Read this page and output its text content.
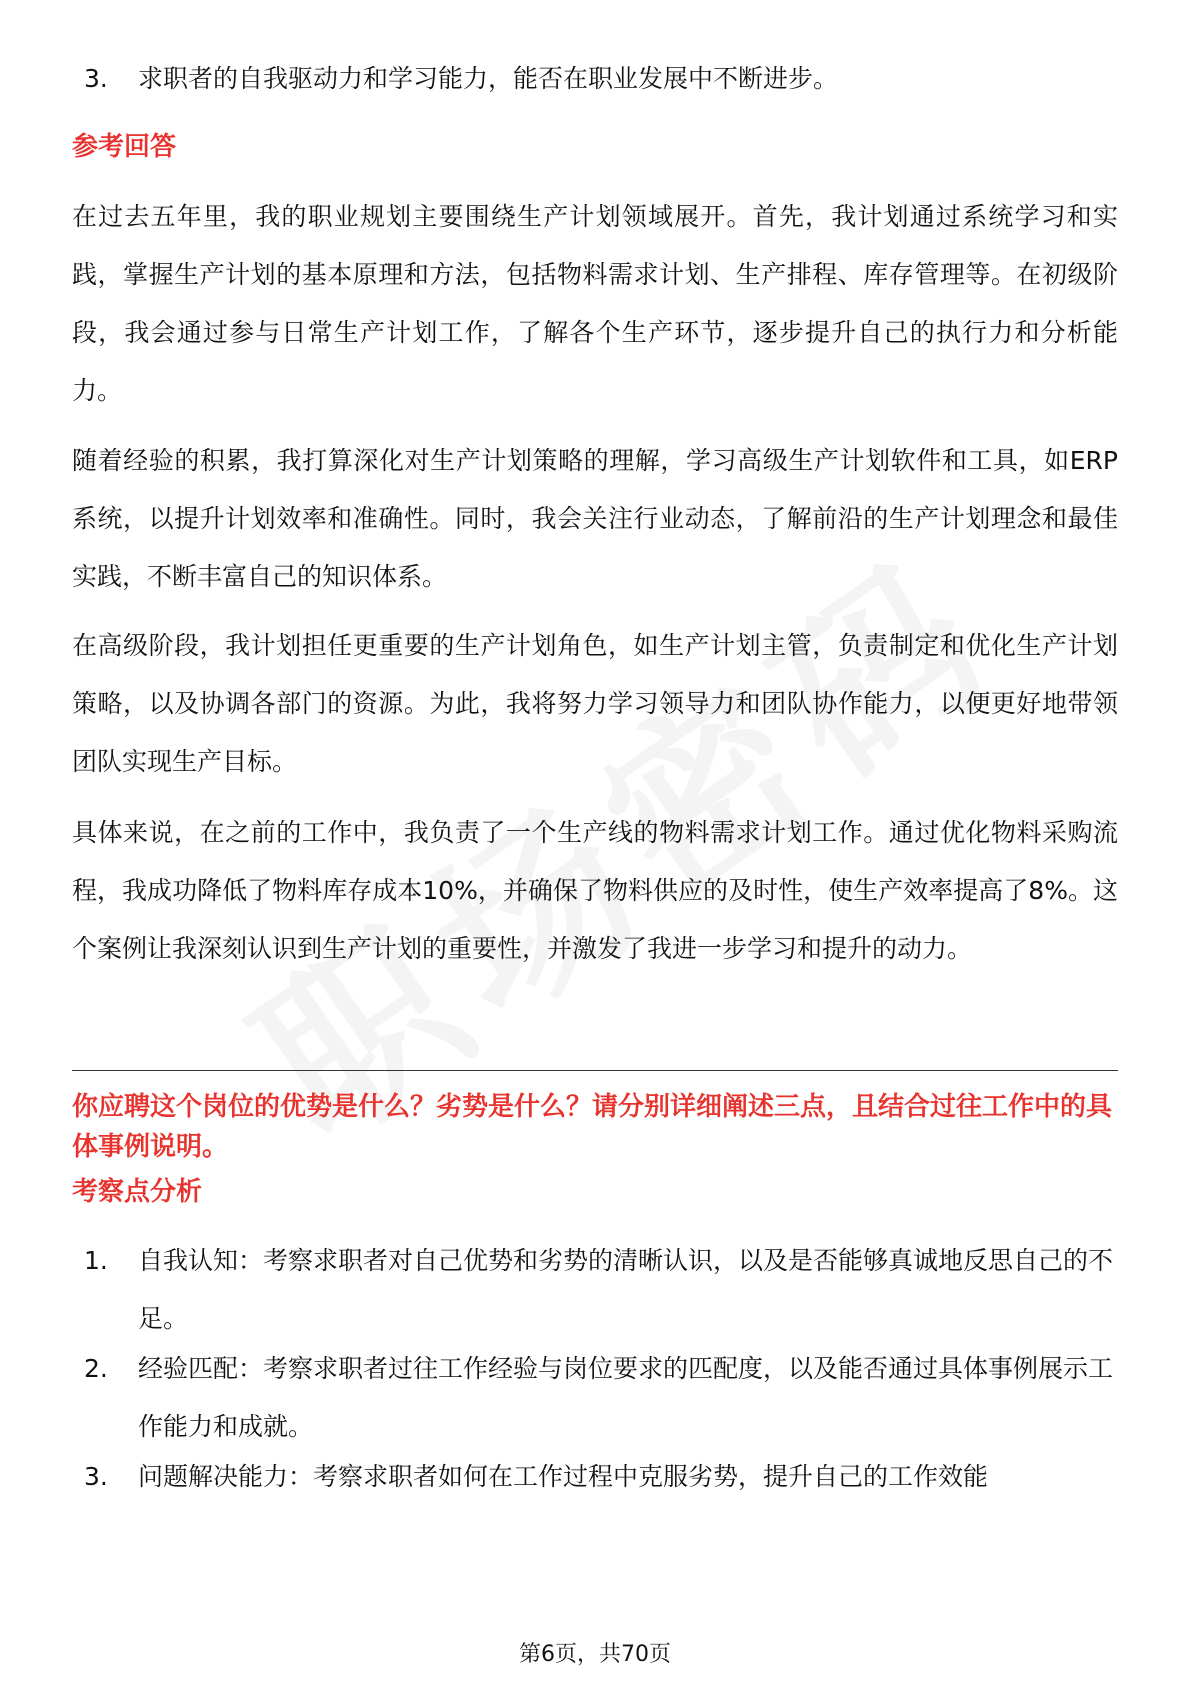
3.	求职者的自我驱动力和学习能力，能否在职业发展中不断进步。
参考回答
在过去五年里，我的职业规划主要围绕生产计划领域展开。首先，我计划通过系统学习和实践，掌握生产计划的基本原理和方法，包括物料需求计划、生产排程、库存管理等。在初级阶段，我会通过参与日常生产计划工作，了解各个生产环节，逐步提升自己的执行力和分析能力。
随着经验的积累，我打算深化对生产计划策略的理解，学习高级生产计划软件和工具，如ERP系统，以提升计划效率和准确性。同时，我会关注行业动态，了解前沿的生产计划理念和最佳实践，不断丰富自己的知识体系。
在高级阶段，我计划担任更重要的生产计划角色，如生产计划主管，负责制定和优化生产计划策略，以及协调各部门的资源。为此，我将努力学习领导力和团队协作能力，以便更好地带领团队实现生产目标。
具体来说，在之前的工作中，我负责了一个生产线的物料需求计划工作。通过优化物料采购流程，我成功降低了物料库存成本10%，并确保了物料供应的及时性，使生产效率提高了8%。这个案例让我深刻认识到生产计划的重要性，并激发了我进一步学习和提升的动力。
你应聘这个岗位的优势是什么？劣势是什么？请分别详细阐述三点，且结合过往工作中的具体事例说明。
考察点分析
1.	自我认知：考察求职者对自己优势和劣势的清晰认识，以及是否能够真诚地反思自己的不足。
2.	经验匹配：考察求职者过往工作经验与岗位要求的匹配度，以及能否通过具体事例展示工作能力和成就。
3.	问题解决能力：考察求职者如何在工作过程中克服劣势，提升自己的工作效能
第6页，共70页
